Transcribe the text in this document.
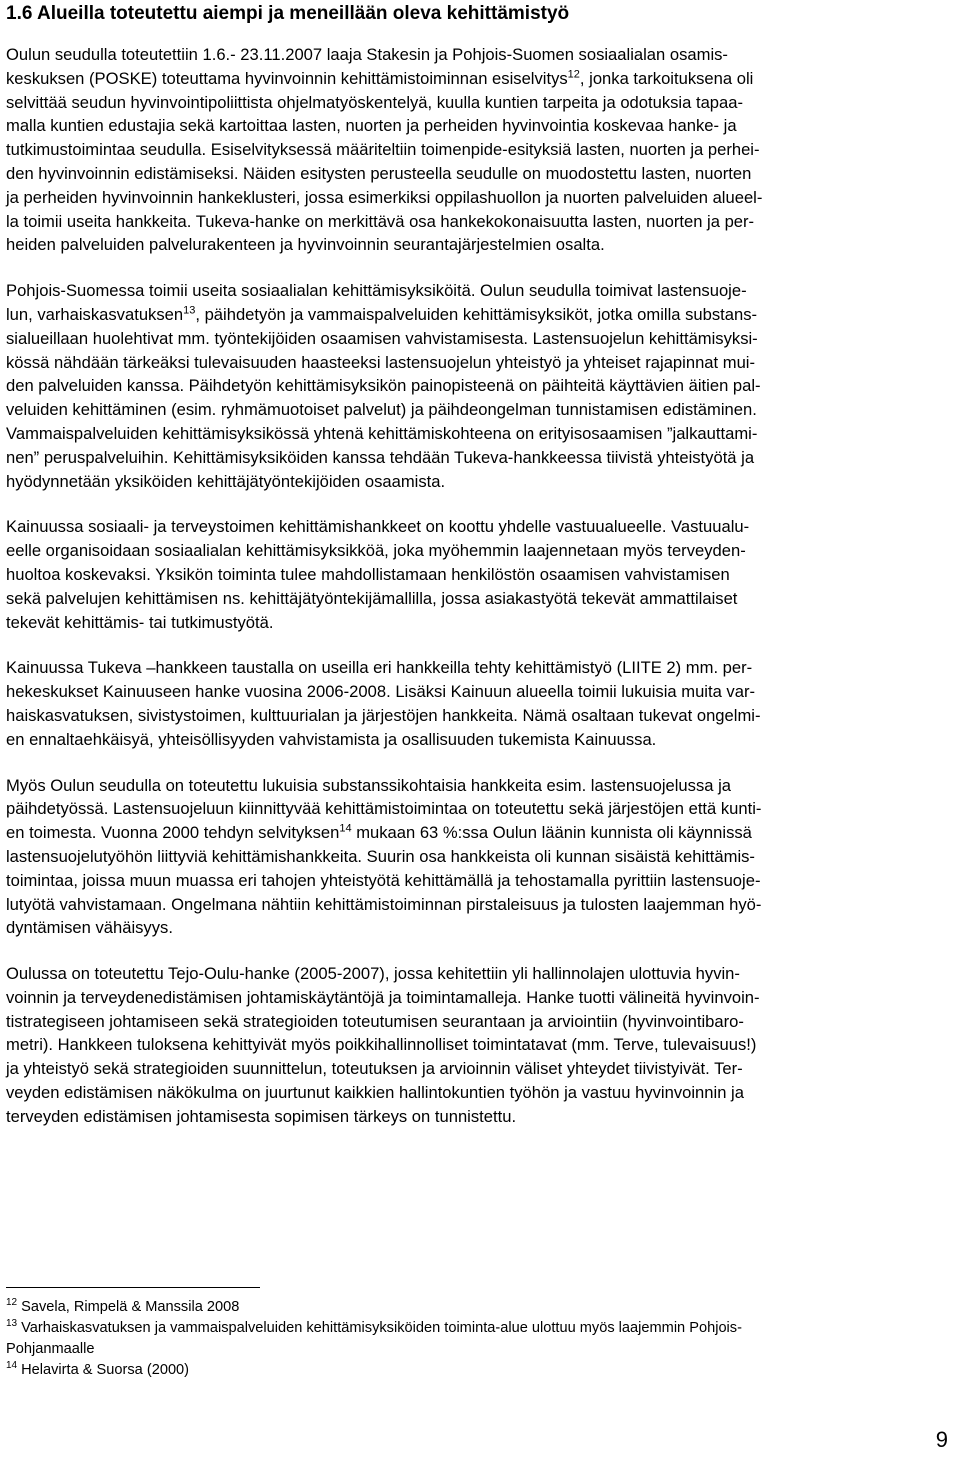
1.6 Alueilla toteutettu aiempi ja meneillään oleva kehittämistyö

Oulun seudulla toteutettiin 1.6.- 23.11.2007 laaja Stakesin ja Pohjois-Suomen sosiaalialan osamis-
keskuksen (POSKE) toteuttama hyvinvoinnin kehittämistoiminnan esiselvitys$^{12}$, jonka tarkoituksena oli
selvittää seudun hyvinvointipoliittista ohjelmatyöskentelyä, kuulla kuntien tarpeita ja odotuksia tapaa-
malla kuntien edustajia sekä kartoittaa lasten, nuorten ja perheiden hyvinvointia koskevaa hanke- ja
tutkimustoimintaa seudulla. Esiselvityksessä määriteltiin toimenpide-esityksiä lasten, nuorten ja perhei-
den hyvinvoinnin edistämiseksi. Näiden esitysten perusteella seudulle on muodostettu lasten, nuorten
ja perheiden hyvinvoinnin hankeklusteri, jossa esimerkiksi oppilashuollon ja nuorten palveluiden alueel-
la toimii useita hankkeita. Tukeva-hanke on merkittävä osa hankekokonaisuutta lasten, nuorten ja per-
heiden palveluiden palvelurakenteen ja hyvinvoinnin seurantajärjestelmien osalta.

Pohjois-Suomessa toimii useita sosiaalialan kehittämisyksiköitä. Oulun seudulla toimivat lastensuoje-
lun, varhaiskasvatuksen$^{13}$, päihdetyön ja vammaispalveluiden kehittämisyksiköt, jotka omilla substans-
sialueillaan huolehtivat mm. työntekijöiden osaamisen vahvistamisesta. Lastensuojelun kehittämisyksi-
kössä nähdään tärkeäksi tulevaisuuden haasteeksi lastensuojelun yhteistyö ja yhteiset rajapinnat mui-
den palveluiden kanssa. Päihdetyön kehittämisyksikön painopisteenä on päihteitä käyttävien äitien pal-
veluiden kehittäminen (esim. ryhmämuotoiset palvelut) ja päihdeongelman tunnistamisen edistäminen.
Vammaispalveluiden kehittämisyksikössä yhtenä kehittämiskohteena on erityisosaamisen ”jalkauttami-
nen” peruspalveluihin. Kehittämisyksiköiden kanssa tehdään Tukeva-hankkeessa tiivistä yhteistyötä ja
hyödynnetään yksiköiden kehittäjätyöntekijöiden osaamista.

Kainuussa sosiaali- ja terveystoimen kehittämishankkeet on koottu yhdelle vastuualueelle. Vastuualu-
eelle organisoidaan sosiaalialan kehittämisyksikköä, joka myöhemmin laajennetaan myös terveyden-
huoltoa koskevaksi. Yksikön toiminta tulee mahdollistamaan henkilöstön osaamisen vahvistamisen
sekä palvelujen kehittämisen ns. kehittäjätyöntekijämallilla, jossa asiakastyötä tekevät ammattilaiset
tekevät kehittämis- tai tutkimustyötä.

Kainuussa Tukeva –hankkeen taustalla on useilla eri hankkeilla tehty kehittämistyö (LIITE 2) mm. per-
hekeskukset Kainuuseen hanke vuosina 2006-2008. Lisäksi Kainuun alueella toimii lukuisia muita var-
haiskasvatuksen, sivistystoimen, kulttuurialan ja järjestöjen hankkeita. Nämä osaltaan tukevat ongelmi-
en ennaltaehkäisyä, yhteisöllisyyden vahvistamista ja osallisuuden tukemista Kainuussa.

Myös Oulun seudulla on toteutettu lukuisia substanssikohtaisia hankkeita esim. lastensuojelussa ja
päihdetyössä. Lastensuojeluun kiinnittyvää kehittämistoimintaa on toteutettu sekä järjestöjen että kunti-
en toimesta. Vuonna 2000 tehdyn selvityksen$^{14}$ mukaan 63 %:ssa Oulun läänin kunnista oli käynnissä
lastensuojelutyöhön liittyviä kehittämishankkeita. Suurin osa hankkeista oli kunnan sisäistä kehittämis-
toimintaa, joissa muun muassa eri tahojen yhteistyötä kehittämällä ja tehostamalla pyrittiin lastensuoje-
lutyötä vahvistamaan. Ongelmana nähtiin kehittämistoiminnan pirstaleisuus ja tulosten laajemman hyö-
dyntämisen vähäisyys.

Oulussa on toteutettu Tejo-Oulu-hanke (2005-2007), jossa kehitettiin yli hallinnolajen ulottuvia hyvin-
voinnin ja terveydenedistämisen johtamiskäytäntöjä ja toimintamalleja. Hanke tuotti välineitä hyvinvoin-
tistrategiseen johtamiseen sekä strategioiden toteutumisen seurantaan ja arviointiin (hyvinvointibaro-
metri). Hankkeen tuloksena kehittyivät myös poikkihallinnolliset toimintatavat (mm. Terve, tulevaisuus!)
ja yhteistyö sekä strategioiden suunnittelun, toteutuksen ja arvioinnin väliset yhteydet tiivistyivät. Ter-
veyden edistämisen näkökulma on juurtunut kaikkien hallintokuntien työhön ja vastuu hyvinvoinnin ja
terveyden edistämisen johtamisesta sopimisen tärkeys on tunnistettu.

$^{12}$ Savela, Rimpelä & Manssila 2008
$^{13}$ Varhaiskasvatuksen ja vammaispalveluiden kehittämisyksiköiden toiminta-alue ulottuu myös laajemmin Pohjois-
Pohjanmaalle
$^{14}$ Helavirta & Suorsa (2000)
9
